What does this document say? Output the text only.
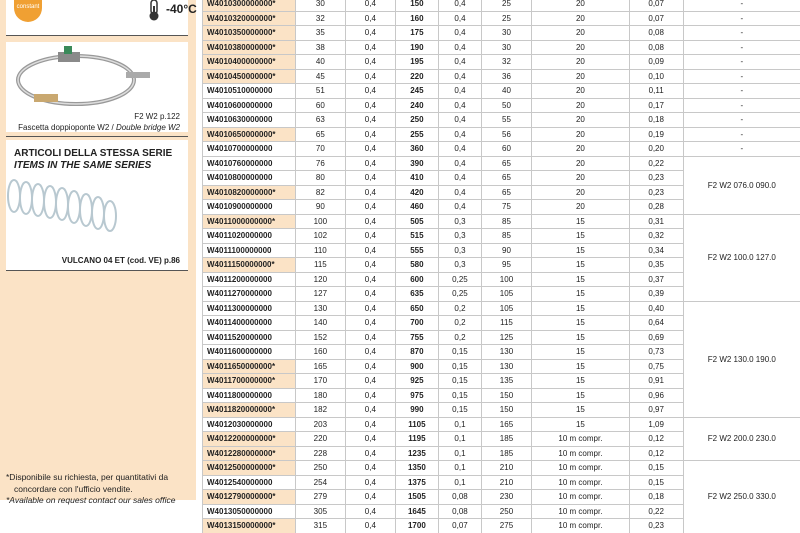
constant	-40°C
F2 W2 p.122
Fascetta doppioponte W2 / Double bridge W2
ARTICOLI DELLA STESSA SERIE
ITEMS IN THE SAME SERIES
VULCANO 04 ET (cod. VE) p.86
*Disponibile su richiesta, per quantitativi da
concordare con l'ufficio vendite.
*Available on request contact our sales office
W4010300000000*	30	0,4	150	0,4	25	20	0,07	-
W4010320000000*	32	0,4	160	0,4	25	20	0,07	-
W4010350000000*	35	0,4	175	0,4	30	20	0,08	-
W4010380000000*	38	0,4	190	0,4	30	20	0,08	-
W4010400000000*	40	0,4	195	0,4	32	20	0,09	-
W4010450000000*	45	0,4	220	0,4	36	20	0,10	-
W4010510000000	51	0,4	245	0,4	40	20	0,11	-
W4010600000000	60	0,4	240	0,4	50	20	0,17	-
W4010630000000	63	0,4	250	0,4	55	20	0,18	-
W4010650000000*	65	0,4	255	0,4	56	20	0,19	-
W4010700000000	70	0,4	360	0,4	60	20	0,20	-
W4010760000000	76	0,4	390	0,4	65	20	0,22	F2 W2 076.0 090.0
W4010800000000	80	0,4	410	0,4	65	20	0,23	
W4010820000000*	82	0,4	420	0,4	65	20	0,23	
W4010900000000	90	0,4	460	0,4	75	20	0,28	
W4011000000000*	100	0,4	505	0,3	85	15	0,31	F2 W2 100.0 127.0
W4011020000000	102	0,4	515	0,3	85	15	0,32	
W4011100000000	110	0,4	555	0,3	90	15	0,34	
W4011150000000*	115	0,4	580	0,3	95	15	0,35	
W4011200000000	120	0,4	600	0,25	100	15	0,37	
W4011270000000	127	0,4	635	0,25	105	15	0,39	
W4011300000000	130	0,4	650	0,2	105	15	0,40	F2 W2 130.0 190.0
W4011400000000	140	0,4	700	0,2	115	15	0,64	
W4011520000000	152	0,4	755	0,2	125	15	0,69	
W4011600000000	160	0,4	870	0,15	130	15	0,73	
W4011650000000*	165	0,4	900	0,15	130	15	0,75	
W4011700000000*	170	0,4	925	0,15	135	15	0,91	
W4011800000000	180	0,4	975	0,15	150	15	0,96	
W4011820000000*	182	0,4	990	0,15	150	15	0,97	
W4012030000000	203	0,4	1105	0,1	165	15	1,09	F2 W2 200.0 230.0
W4012200000000*	220	0,4	1195	0,1	185	10 m compr.	0,12	
W4012280000000*	228	0,4	1235	0,1	185	10 m compr.	0,12	
W4012500000000*	250	0,4	1350	0,1	210	10 m compr.	0,15	F2 W2 250.0 330.0
W4012540000000	254	0,4	1375	0,1	210	10 m compr.	0,15	
W4012790000000*	279	0,4	1505	0,08	230	10 m compr.	0,18	
W4013050000000	305	0,4	1645	0,08	250	10 m compr.	0,22	
W4013150000000*	315	0,4	1700	0,07	275	10 m compr.	0,23	
